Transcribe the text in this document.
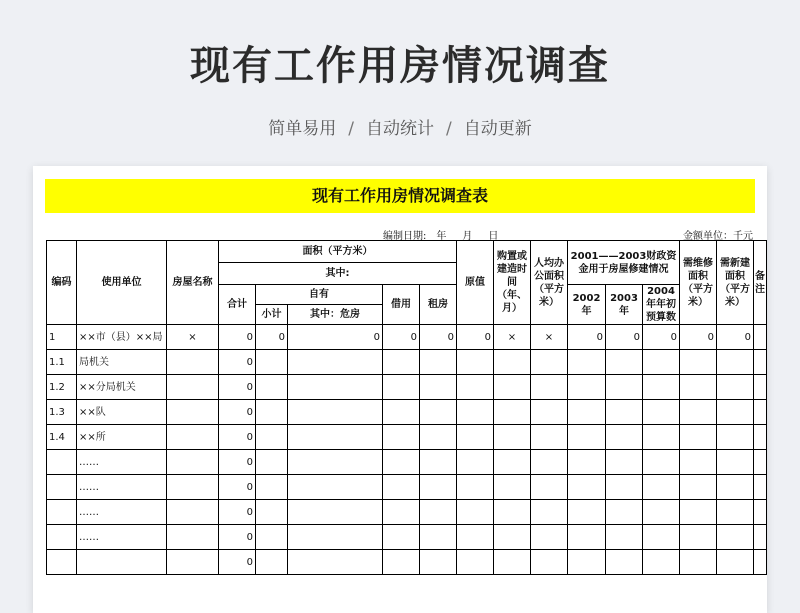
现有工作用房情况调查
简单易用 / 自动统计 / 自动更新
现有工作用房情况调查表
编制日期: 年 月 日	金额单位：千元
编码	使用单位	房屋名称	面积（平方米）					原值	购置或建造时间（年、月）	人均办公面积（平方米）	2001——2003财政资金用于房屋修建情况			需维修面积（平方米）	需新建面积（平方米）	备注
			其中:													
			合计	自有		借用	租房				2002年	2003年	2004年年初预算数			
				小计	其中：危房											
1	××市（县）××局	×	0	0	0	0	0	0	×	×	0	0	0	0	0	
1.1	局机关		0													
1.2	××分局机关		0													
1.3	××队		0													
1.4	××所		0													
	……		0													
	……		0													
	……		0													
	……		0													
			0													
